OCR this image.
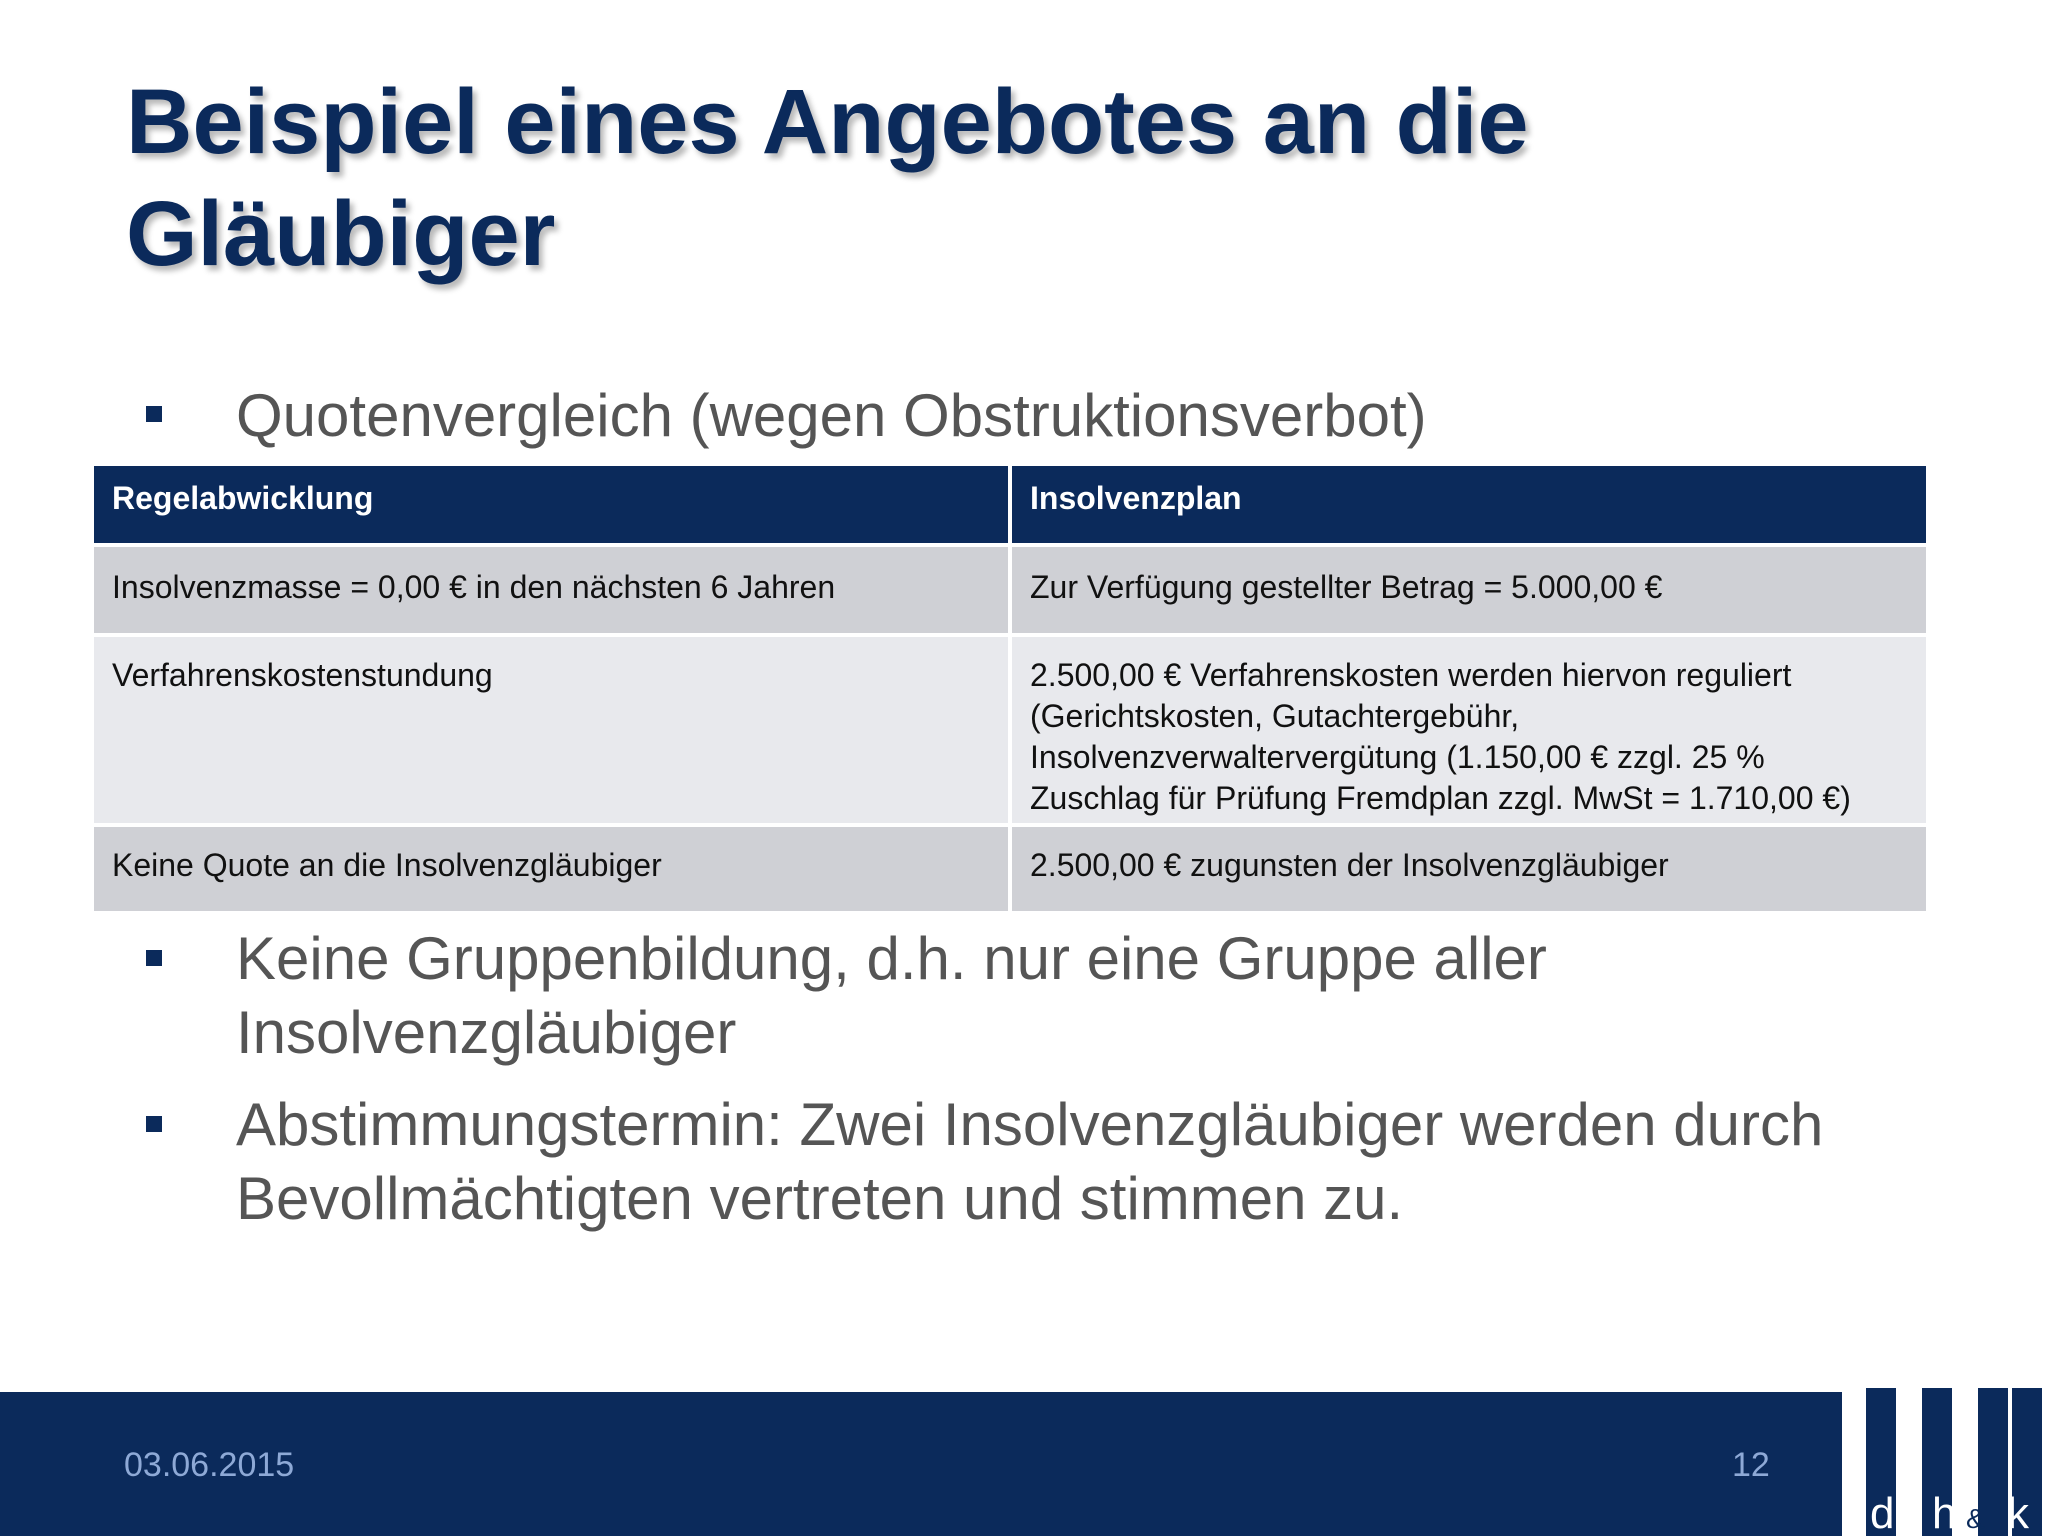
Beispiel eines Angebotes an die
Gläubiger
Quotenvergleich (wegen Obstruktionsverbot)
Regelabwicklung	Insolvenzplan
Insolvenzmasse = 0,00 € in den nächsten 6 Jahren	Zur Verfügung gestellter Betrag = 5.000,00 €
Verfahrenskostenstundung	2.500,00 € Verfahrenskosten werden hiervon reguliert
(Gerichtskosten, Gutachtergebühr,
Insolvenzverwaltervergütung (1.150,00 € zzgl. 25 %
Zuschlag für Prüfung Fremdplan zzgl. MwSt = 1.710,00 €)

Keine Quote an die Insolvenzgläubiger	2.500,00 € zugunsten der Insolvenzgläubiger
Keine Gruppenbildung, d.h. nur eine Gruppe aller
Insolvenzgläubiger
Abstimmungstermin: Zwei Insolvenzgläubiger werden durch
Bevollmächtigten vertreten und stimmen zu.
03.06.2015	12
d · h & k
